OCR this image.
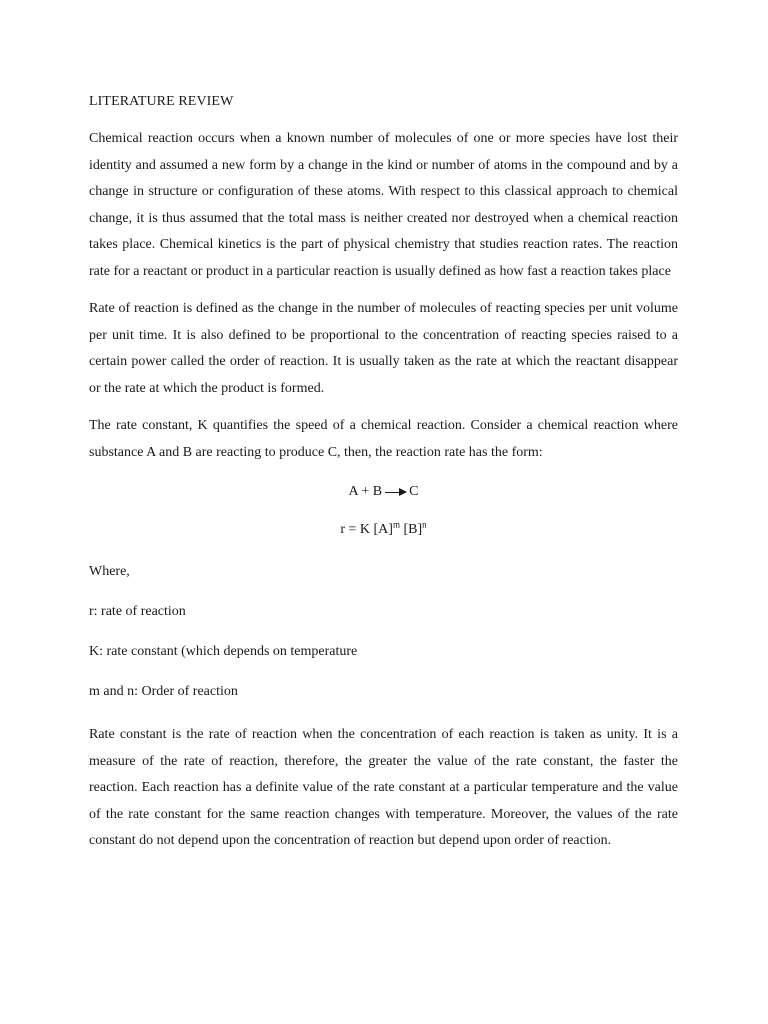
LITERATURE REVIEW

Chemical reaction occurs when a known number of molecules of one or more species have lost their identity and assumed a new form by a change in the kind or number of atoms in the compound and by a change in structure or configuration of these atoms. With respect to this classical approach to chemical change, it is thus assumed that the total mass is neither created nor destroyed when a chemical reaction takes place. Chemical kinetics is the part of physical chemistry that studies reaction rates. The reaction rate for a reactant or product in a particular reaction is usually defined as how fast a reaction takes place

Rate of reaction is defined as the change in the number of molecules of reacting species per unit volume per unit time. It is also defined to be proportional to the concentration of reacting species raised to a certain power called the order of reaction. It is usually taken as the rate at which the reactant disappear or the rate at which the product is formed.

The rate constant, K quantifies the speed of a chemical reaction. Consider a chemical reaction where substance A and B are reacting to produce C, then, the reaction rate has the form:

A + B C

r = K $[A]^m$ $[B]^n$

Where,

r: rate of reaction

K: rate constant (which depends on temperature

m and n: Order of reaction

Rate constant is the rate of reaction when the concentration of each reaction is taken as unity. It is a measure of the rate of reaction, therefore, the greater the value of the rate constant, the faster the reaction. Each reaction has a definite value of the rate constant at a particular temperature and the value of the rate constant for the same reaction changes with temperature. Moreover, the values of the rate constant do not depend upon the concentration of reaction but depend upon order of reaction.
